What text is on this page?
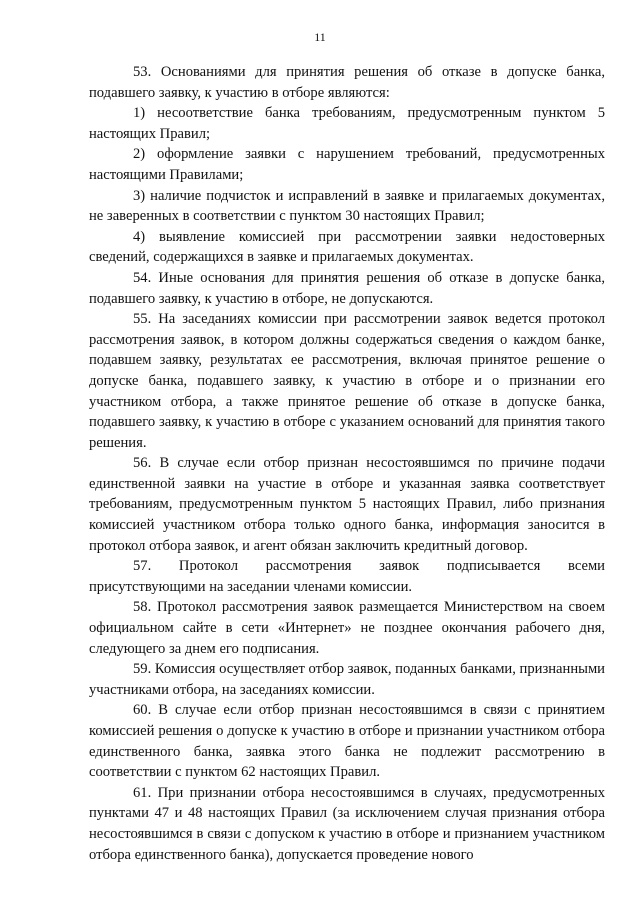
11

53. Основаниями для принятия решения об отказе в допуске банка, подавшего заявку, к участию в отборе являются:

1) несоответствие банка требованиям, предусмотренным пунктом 5 настоящих Правил;

2) оформление заявки с нарушением требований, предусмотренных настоящими Правилами;

3) наличие подчисток и исправлений в заявке и прилагаемых документах, не заверенных в соответствии с пунктом 30 настоящих Правил;

4) выявление комиссией при рассмотрении заявки недостоверных сведений, содержащихся в заявке и прилагаемых документах.

54. Иные основания для принятия решения об отказе в допуске банка, подавшего заявку, к участию в отборе, не допускаются.

55. На заседаниях комиссии при рассмотрении заявок ведется протокол рассмотрения заявок, в котором должны содержаться сведения о каждом банке, подавшем заявку, результатах ее рассмотрения, включая принятое решение о допуске банка, подавшего заявку, к участию в отборе и о признании его участником отбора, а также принятое решение об отказе в допуске банка, подавшего заявку, к участию в отборе с указанием оснований для принятия такого решения.

56. В случае если отбор признан несостоявшимся по причине подачи единственной заявки на участие в отборе и указанная заявка соответствует требованиям, предусмотренным пунктом 5 настоящих Правил, либо признания комиссией участником отбора только одного банка, информация заносится в протокол отбора заявок, и агент обязан заключить кредитный договор.

57. Протокол рассмотрения заявок подписывается всеми присутствующими на заседании членами комиссии.

58. Протокол рассмотрения заявок размещается Министерством на своем официальном сайте в сети «Интернет» не позднее окончания рабочего дня, следующего за днем его подписания.

59. Комиссия осуществляет отбор заявок, поданных банками, признанными участниками отбора, на заседаниях комиссии.

60. В случае если отбор признан несостоявшимся в связи с принятием комиссией решения о допуске к участию в отборе и признании участником отбора единственного банка, заявка этого банка не подлежит рассмотрению в соответствии с пунктом 62 настоящих Правил.

61. При признании отбора несостоявшимся в случаях, предусмотренных пунктами 47 и 48 настоящих Правил (за исключением случая признания отбора несостоявшимся в связи с допуском к участию в отборе и признанием участником отбора единственного банка), допускается проведение нового
